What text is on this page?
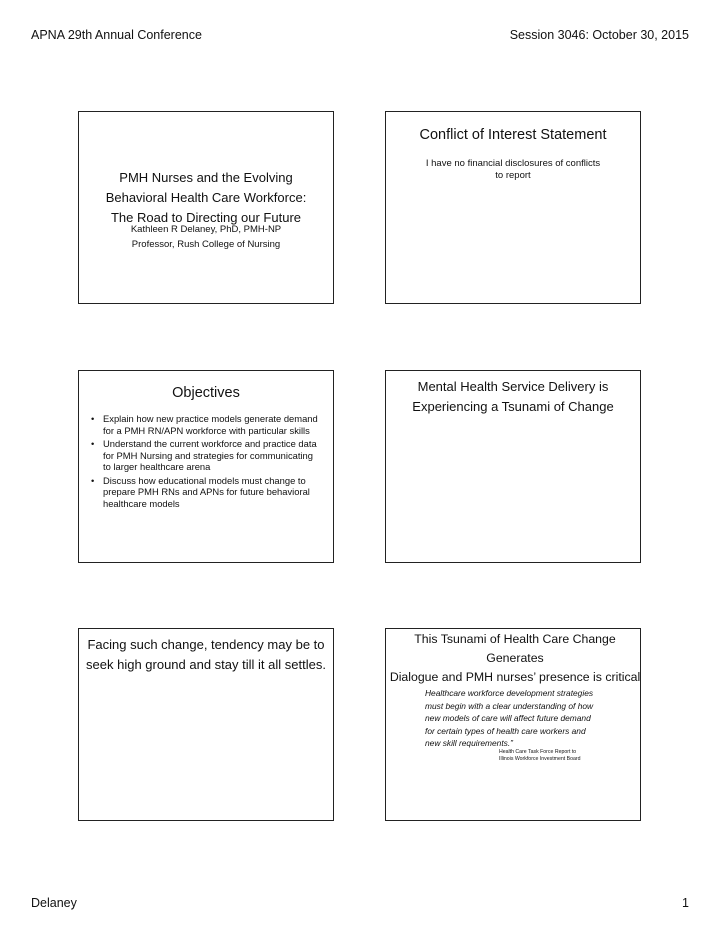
APNA 29th Annual Conference	Session 3046: October 30, 2015
PMH Nurses and the Evolving
Behavioral Health Care Workforce:
The Road to Directing our Future
Kathleen R Delaney, PhD, PMH-NP
Professor, Rush College of Nursing
Conflict of Interest Statement
I have no financial disclosures of conflicts
to report
Objectives
• Explain how new practice models generate demand for a PMH RN/APN workforce with particular skills
• Understand the current workforce and practice data for PMH Nursing and strategies for communicating to larger healthcare arena
• Discuss how educational models must change to prepare PMH RNs and APNs for future behavioral healthcare models
Mental Health Service Delivery is
Experiencing a Tsunami of Change
Facing such change, tendency may be to
seek high ground and stay till it all settles.
This Tsunami of Health Care Change Generates
Dialogue and PMH nurses’ presence is critical
Healthcare workforce development strategies
must begin with a clear understanding of how
new models of care will affect future demand
for certain types of health care workers and
new skill requirements.”
Health Care Task Force Report to
Illinois Workforce Investment Board
Delaney	1
